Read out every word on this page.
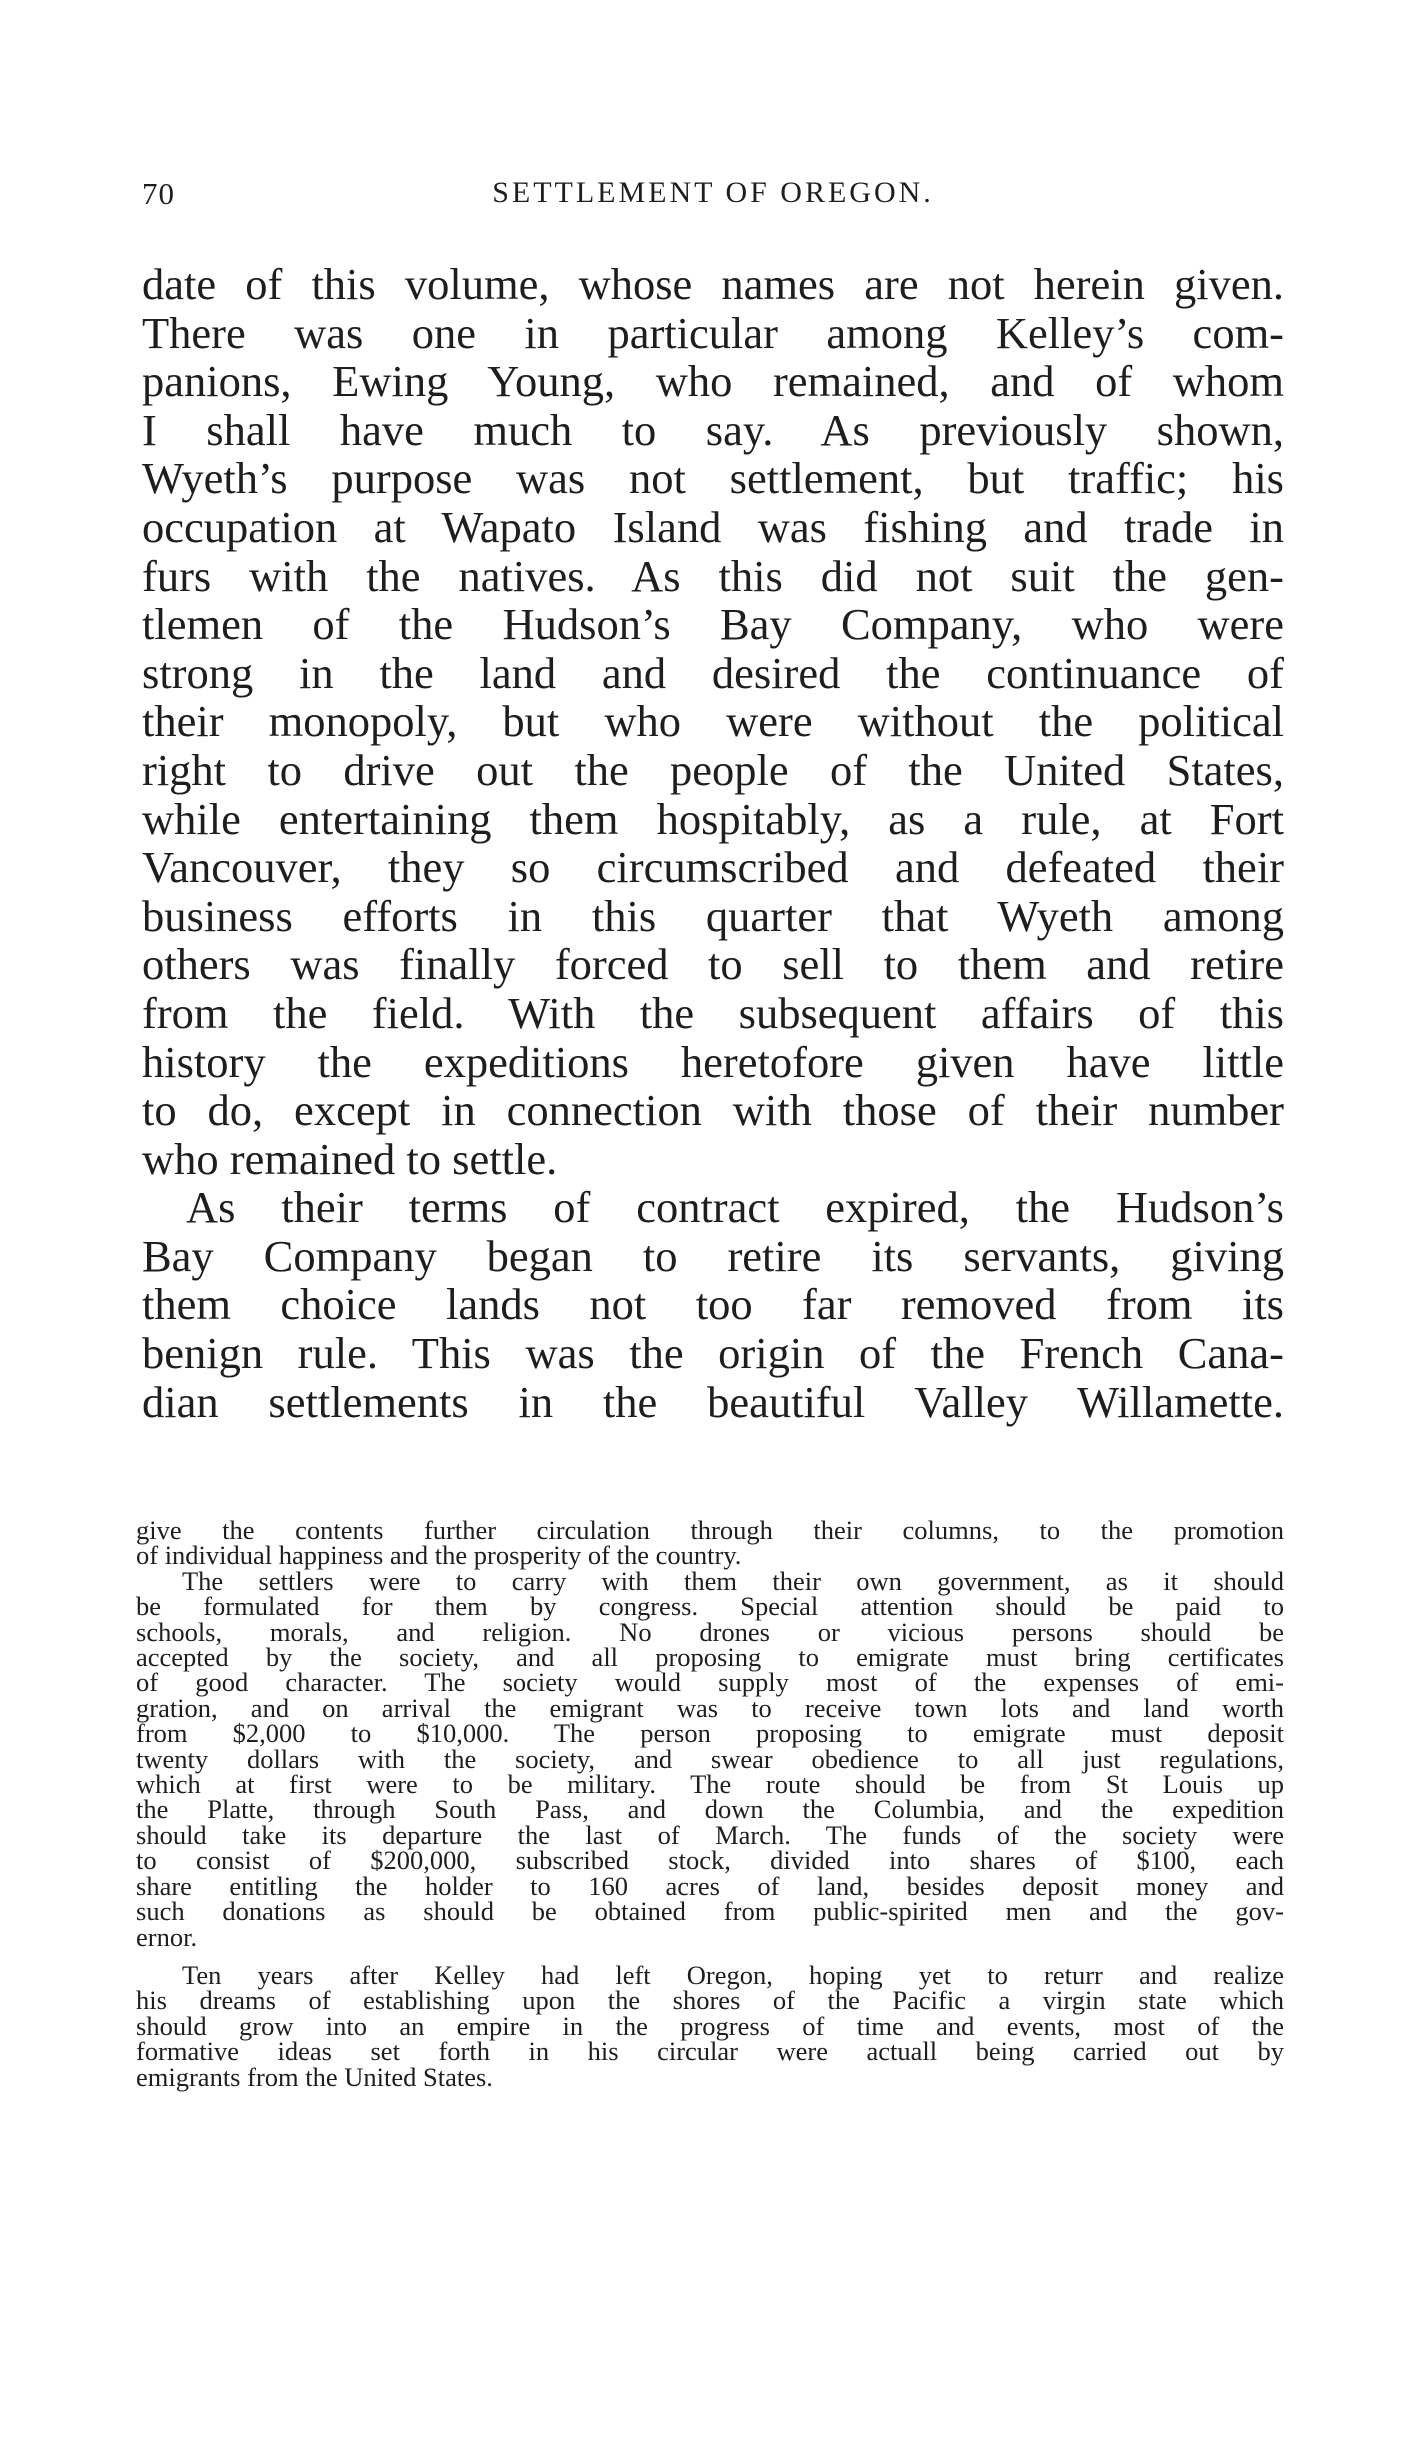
70	SETTLEMENT OF OREGON.
date of this volume, whose names are not herein given.
There was one in particular among Kelley’s com-
panions, Ewing Young, who remained, and of whom
I shall have much to say. As previously shown,
Wyeth’s purpose was not settlement, but traffic; his
occupation at Wapato Island was fishing and trade in
furs with the natives. As this did not suit the gen-
tlemen of the Hudson’s Bay Company, who were
strong in the land and desired the continuance of
their monopoly, but who were without the political
right to drive out the people of the United States,
while entertaining them hospitably, as a rule, at Fort
Vancouver, they so circumscribed and defeated their
business efforts in this quarter that Wyeth among
others was finally forced to sell to them and retire
from the field. With the subsequent affairs of this
history the expeditions heretofore given have little
to do, except in connection with those of their number
who remained to settle.
As their terms of contract expired, the Hudson’s
Bay Company began to retire its servants, giving
them choice lands not too far removed from its
benign rule. This was the origin of the French Cana-
dian settlements in the beautiful Valley Willamette.
give the contents further circulation through their columns, to the promotion
of individual happiness and the prosperity of the country.
The settlers were to carry with them their own government, as it should
be formulated for them by congress. Special attention should be paid to
schools, morals, and religion. No drones or vicious persons should be
accepted by the society, and all proposing to emigrate must bring certificates
of good character. The society would supply most of the expenses of emi-
gration, and on arrival the emigrant was to receive town lots and land worth
from $2,000 to $10,000. The person proposing to emigrate must deposit
twenty dollars with the society, and swear obedience to all just regulations,
which at first were to be military. The route should be from St Louis up
the Platte, through South Pass, and down the Columbia, and the expedition
should take its departure the last of March. The funds of the society were
to consist of $200,000, subscribed stock, divided into shares of $100, each
share entitling the holder to 160 acres of land, besides deposit money and
such donations as should be obtained from public-spirited men and the gov-
ernor.
Ten years after Kelley had left Oregon, hoping yet to returr and realize
his dreams of establishing upon the shores of the Pacific a virgin state which
should grow into an empire in the progress of time and events, most of the
formative ideas set forth in his circular were actuall being carried out by
emigrants from the United States.
